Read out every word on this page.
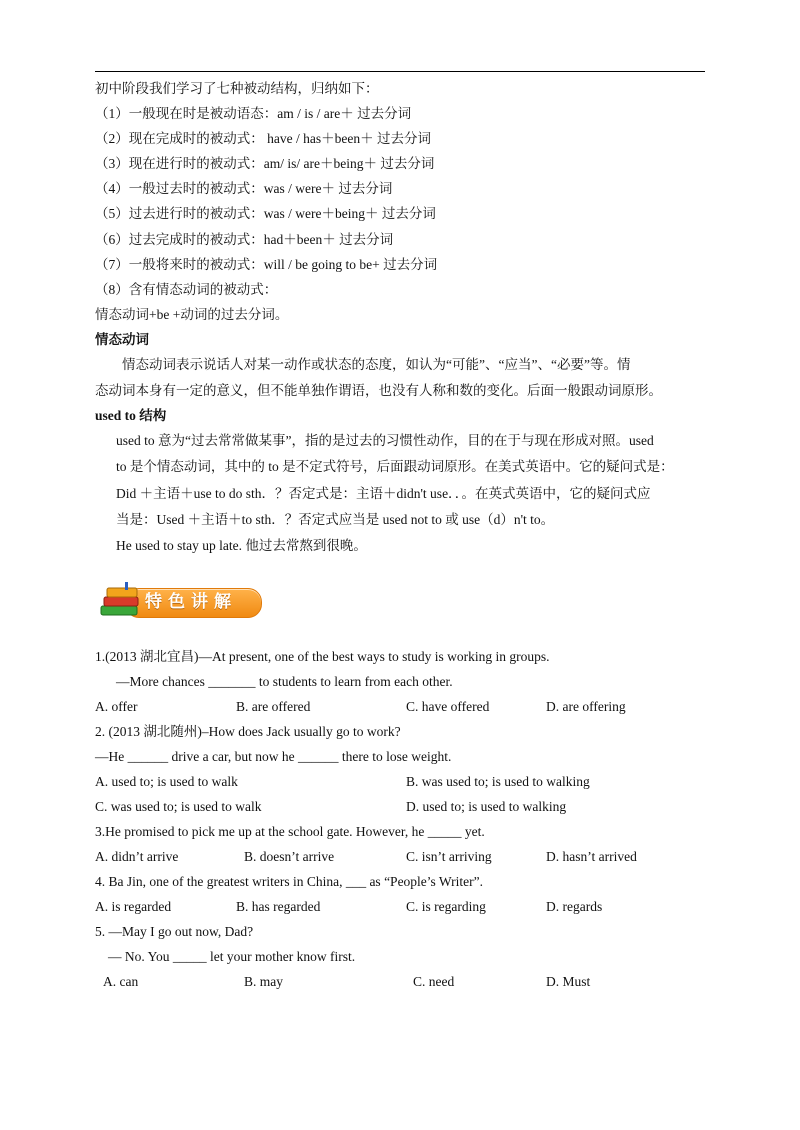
初中阶段我们学习了七种被动结构，归纳如下：
（1）一般现在时是被动语态：am / is / are＋ 过去分词
（2）现在完成时的被动式： have / has＋been＋ 过去分词
（3）现在进行时的被动式：am/ is/ are＋being＋ 过去分词
（4）一般过去时的被动式：was / were＋ 过去分词
（5）过去进行时的被动式：was / were＋being＋ 过去分词
（6）过去完成时的被动式：had＋been＋ 过去分词
（7）一般将来时的被动式：will / be going to be+ 过去分词
（8）含有情态动词的被动式：
情态动词+be +动词的过去分词。
情态动词
情态动词表示说话人对某一动作或状态的态度，如认为“可能”、“应当”、“必要”等。情
态动词本身有一定的意义，但不能单独作谓语，也没有人称和数的变化。后面一般跟动词原形。
used to 结构
used to 意为“过去常常做某事”，指的是过去的习惯性动作，目的在于与现在形成对照。used
to 是个情态动词，其中的 to 是不定式符号，后面跟动词原形。在美式英语中。它的疑问式是：
Did ＋主语＋use to do sth．？否定式是：主语＋didn't use．．。在英式英语中，它的疑问式应
当是：Used ＋主语＋to sth．？否定式应当是 used not to 或 use（d）n't to。
He used to stay up late. 他过去常熬到很晚。
特色讲解
1.(2013 湖北宜昌)—At present, one of the best ways to study is working in groups.
—More chances _______ to students to learn from each other.
A. offer	B. are offered	C. have offered	D. are offering
2. (2013 湖北随州)–How does Jack usually go to work?
—He ______ drive a car, but now he ______ there to lose weight.
A. used to; is used to walk	B. was used to; is used to walking
C. was used to; is used to walk	D. used to; is used to walking
3.He promised to pick me up at the school gate. However, he _____ yet.
A. didn’t arrive	B. doesn’t arrive	C. isn’t arriving	D. hasn’t arrived
4. Ba Jin, one of the greatest writers in China, ___ as “People’s Writer”.
A. is regarded	B. has regarded	C. is regarding	D. regards
5. —May I go out now, Dad?
— No. You _____ let your mother know first.
A. can	B. may	C. need	D. Must
